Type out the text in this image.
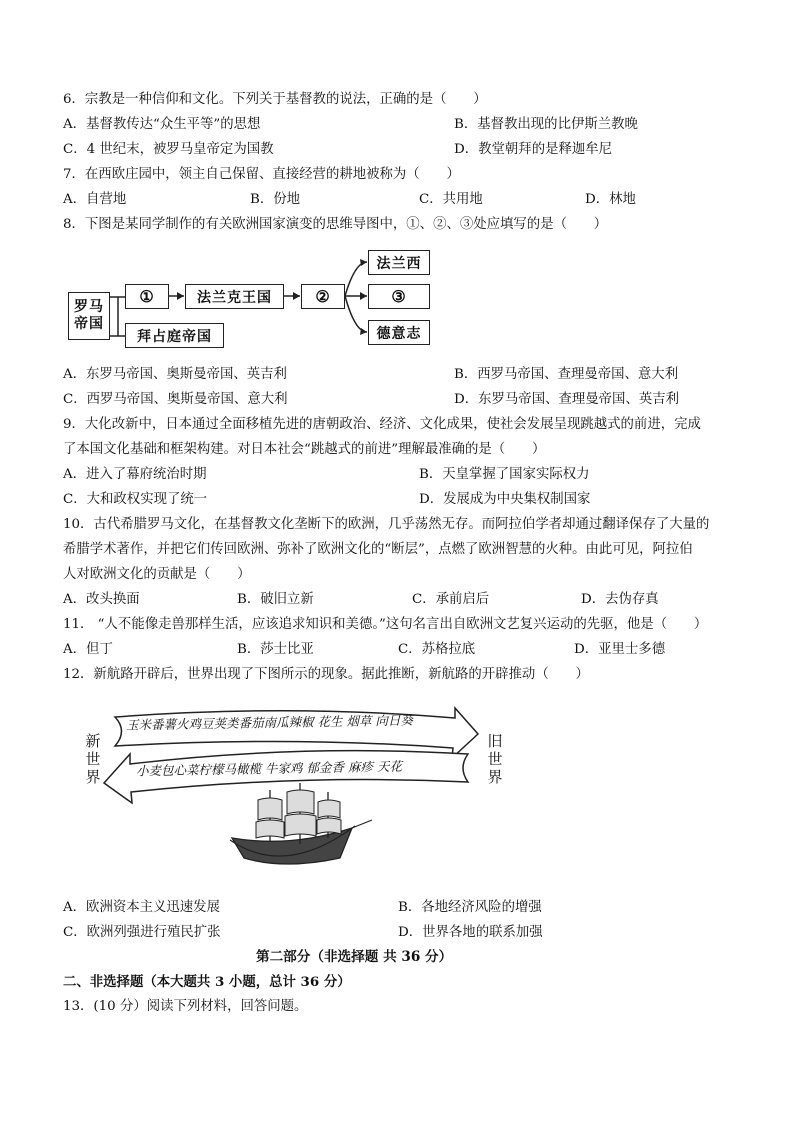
6．宗教是一种信仰和文化。下列关于基督教的说法，正确的是（　　）
A．基督教传达“众生平等”的思想	B．基督教出现的比伊斯兰教晚
C．4 世纪末，被罗马皇帝定为国教	D．教堂朝拜的是释迦牟尼
7．在西欧庄园中，领主自己保留、直接经营的耕地被称为（　　）
A．自营地	B．份地	C．共用地	D．林地
8．下图是某同学制作的有关欧洲国家演变的思维导图中，①、②、③处应填写的是（　　）
罗马
帝国
①	法兰克王国	②
法兰西
③
德意志
拜占庭帝国
A．东罗马帝国、奥斯曼帝国、英吉利	B．西罗马帝国、查理曼帝国、意大利
C．西罗马帝国、奥斯曼帝国、意大利	D．东罗马帝国、查理曼帝国、英吉利
9．大化改新中，日本通过全面移植先进的唐朝政治、经济、文化成果，使社会发展呈现跳越式的前进，完成
了本国文化基础和框架构建。对日本社会“跳越式的前进”理解最准确的是（　　）
A．进入了幕府统治时期	B．天皇掌握了国家实际权力
C．大和政权实现了统一	D．发展成为中央集权制国家
10．古代希腊罗马文化，在基督教文化垄断下的欧洲，几乎荡然无存。而阿拉伯学者却通过翻译保存了大量的
希腊学术著作，并把它们传回欧洲、弥补了欧洲文化的“断层”，点燃了欧洲智慧的火种。由此可见，阿拉伯
人对欧洲文化的贡献是（　　）
A．改头换面	B．破旧立新	C．承前启后	D．去伪存真
11． “人不能像走兽那样生活，应该追求知识和美德。”这句名言出自欧洲文艺复兴运动的先驱，他是（　　）
A．但丁	B．莎士比亚	C．苏格拉底	D．亚里士多德
12．新航路开辟后，世界出现了下图所示的现象。据此推断，新航路的开辟推动（　　）
玉米番薯火鸡豆荚类番茄南瓜辣椒 花生 烟草 向日葵
小麦包心菜柠檬马橄榄 牛家鸡 郁金香 麻疹 天花
新
世
界
旧
世
界
A．欧洲资本主义迅速发展	B．各地经济风险的增强
C．欧洲列强进行殖民扩张	D．世界各地的联系加强
第二部分（非选择题 共 36 分）
二、非选择题（本大题共 3 小题，总计 36 分）
13．(10 分）阅读下列材料，回答问题。
